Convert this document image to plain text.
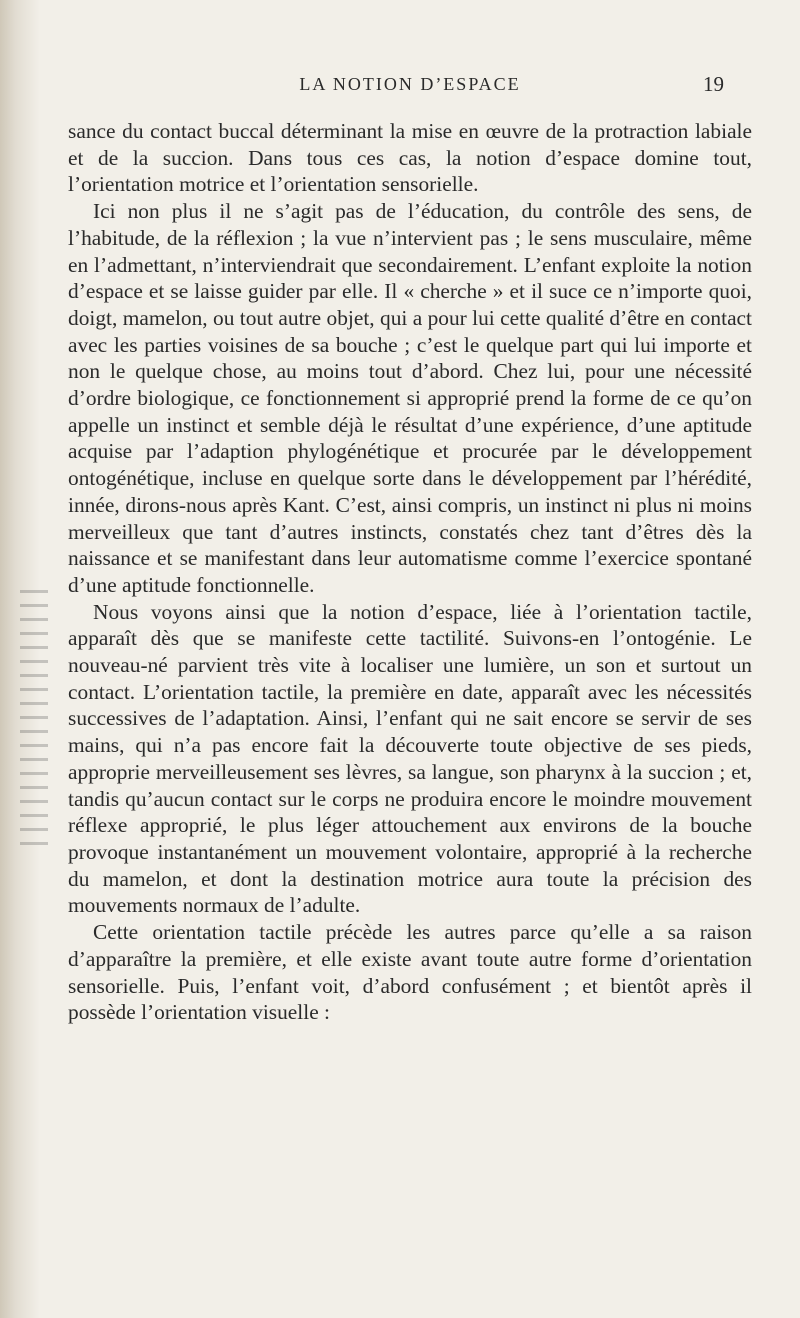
LA NOTION D’ESPACE	19

sance du contact buccal déterminant la mise en œuvre de la protraction labiale et de la succion. Dans tous ces cas, la notion d’espace domine tout, l’orientation motrice et l’orientation sensorielle.

Ici non plus il ne s’agit pas de l’éducation, du contrôle des sens, de l’habitude, de la réflexion ; la vue n’intervient pas ; le sens musculaire, même en l’admettant, n’interviendrait que secondairement. L’enfant exploite la notion d’espace et se laisse guider par elle. Il « cherche » et il suce ce n’importe quoi, doigt, mamelon, ou tout autre objet, qui a pour lui cette qualité d’être en contact avec les parties voisines de sa bouche ; c’est le quelque part qui lui importe et non le quelque chose, au moins tout d’abord. Chez lui, pour une nécessité d’ordre biologique, ce fonctionnement si approprié prend la forme de ce qu’on appelle un instinct et semble déjà le résultat d’une expérience, d’une aptitude acquise par l’adaption phylogénétique et procurée par le développement ontogénétique, incluse en quelque sorte dans le développement par l’hérédité, innée, dirons-nous après Kant. C’est, ainsi compris, un instinct ni plus ni moins merveilleux que tant d’autres instincts, constatés chez tant d’êtres dès la naissance et se manifestant dans leur automatisme comme l’exercice spontané d’une aptitude fonctionnelle.

Nous voyons ainsi que la notion d’espace, liée à l’orientation tactile, apparaît dès que se manifeste cette tactilité. Suivons-en l’ontogénie. Le nouveau-né parvient très vite à localiser une lumière, un son et surtout un contact. L’orientation tactile, la première en date, apparaît avec les nécessités successives de l’adaptation. Ainsi, l’enfant qui ne sait encore se servir de ses mains, qui n’a pas encore fait la découverte toute objective de ses pieds, approprie merveilleusement ses lèvres, sa langue, son pharynx à la succion ; et, tandis qu’aucun contact sur le corps ne produira encore le moindre mouvement réflexe approprié, le plus léger attouchement aux environs de la bouche provoque instantanément un mouvement volontaire, approprié à la recherche du mamelon, et dont la destination motrice aura toute la précision des mouvements normaux de l’adulte.

Cette orientation tactile précède les autres parce qu’elle a sa raison d’apparaître la première, et elle existe avant toute autre forme d’orientation sensorielle. Puis, l’enfant voit, d’abord confusément ; et bientôt après il possède l’orientation visuelle :
